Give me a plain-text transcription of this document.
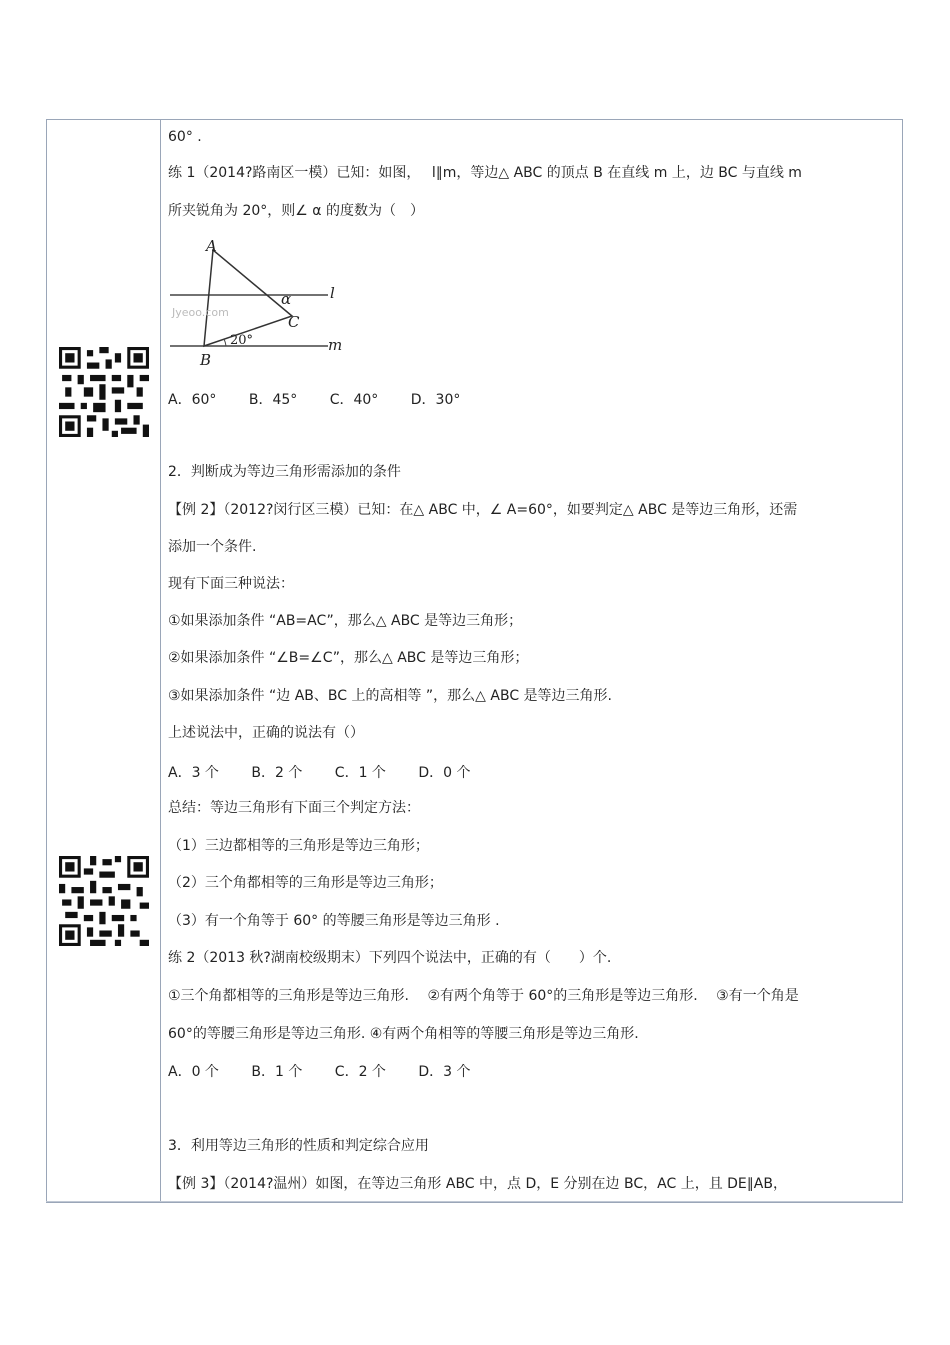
60° .
练 1（2014?路南区一模）已知：如图，　 l∥m，等边△ ABC 的顶点 B 在直线 m 上，边 BC 与直线 m
所夹锐角为 20°，则∠ α 的度数为（　）
Jyeoo.com
A
B
C
α	l
m
20°
A．60°　　 B．45°　　 C．40°　　 D．30°
2．判断成为等边三角形需添加的条件
【例 2】（2012?闵行区三模）已知：在△ ABC 中，∠ A=60°，如要判定△ ABC 是等边三角形，还需
添加一个条件.
现有下面三种说法：
①如果添加条件 “AB=AC”，那么△ ABC 是等边三角形；
②如果添加条件 “∠B=∠C”，那么△ ABC 是等边三角形；
③如果添加条件 “边 AB、BC 上的高相等 ”，那么△ ABC 是等边三角形.
上述说法中，正确的说法有（）
A．3 个　　 B．2 个　　 C．1 个　　 D．0 个
总结：等边三角形有下面三个判定方法：
（1）三边都相等的三角形是等边三角形；
（2）三个角都相等的三角形是等边三角形；
（3）有一个角等于 60° 的等腰三角形是等边三角形 .
练 2（2013 秋?湖南校级期末）下列四个说法中，正确的有（　　）个.
①三个角都相等的三角形是等边三角形.　 ②有两个角等于 60°的三角形是等边三角形.　 ③有一个角是
60°的等腰三角形是等边三角形. ④有两个角相等的等腰三角形是等边三角形.
A．0 个　　 B．1 个　　 C．2 个　　 D．3 个
3．利用等边三角形的性质和判定综合应用
【例 3】（2014?温州）如图，在等边三角形 ABC 中，点 D，E 分别在边 BC，AC 上，且 DE∥AB，
